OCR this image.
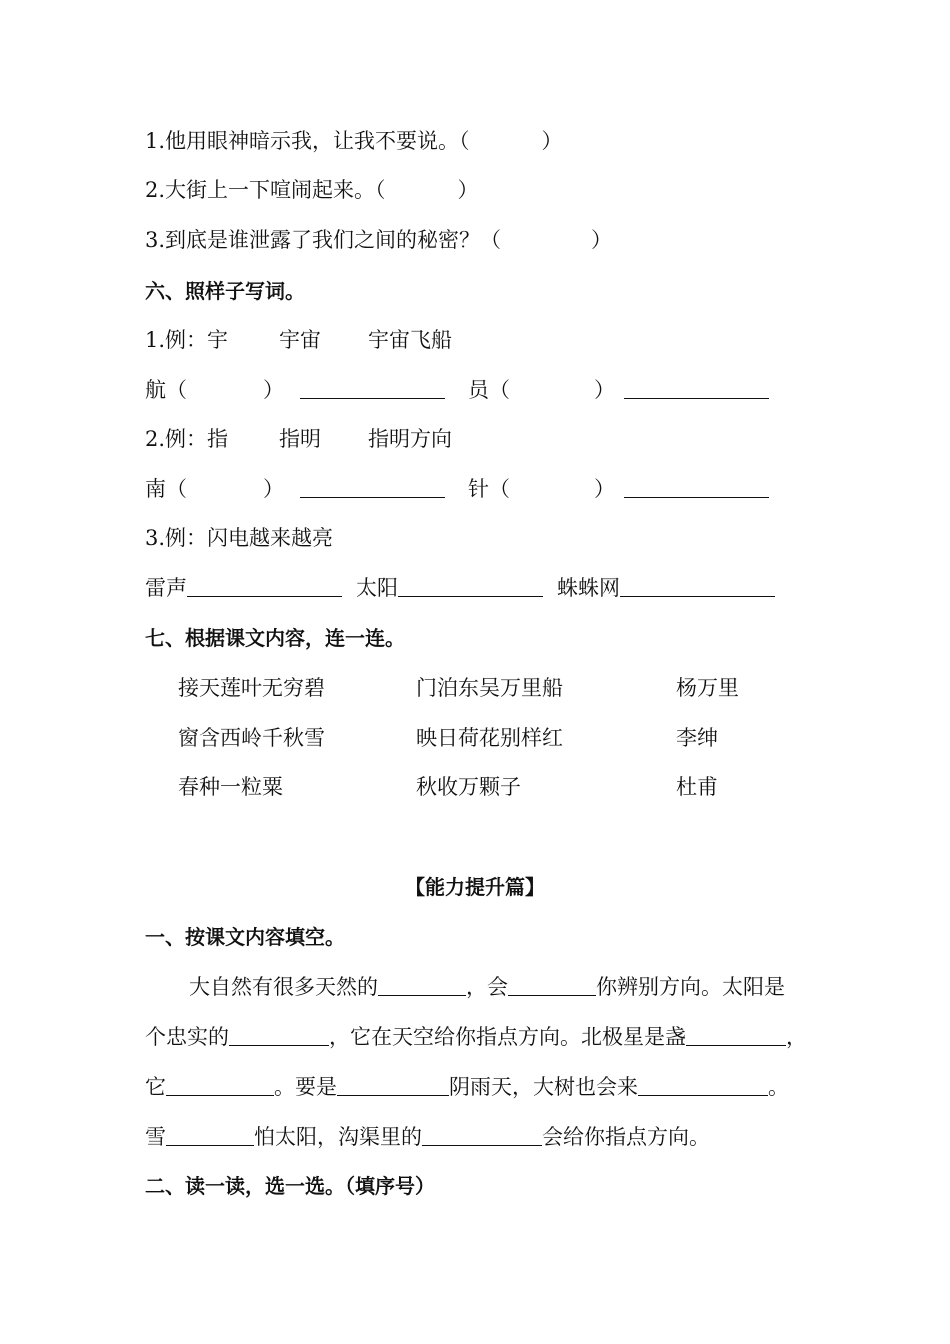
1.他用眼神暗示我，让我不要说。（	）
2.大街上一下喧闹起来。（	）
3.到底是谁泄露了我们之间的秘密？（	）
六、照样子写词。
1.例：宇 宇宙 宇宙飞船
航（	）	员（	）
2.例：指 指明 指明方向
南（	）	针（	）
3.例：闪电越来越亮
雷声	太阳	蛛蛛网
七、根据课文内容，连一连。
接天莲叶无穷碧	门泊东吴万里船	杨万里
窗含西岭千秋雪	映日荷花别样红	李绅
春种一粒粟	秋收万颗子	杜甫
【能力提升篇】
一、按课文内容填空。
大自然有很多天然的	，会	你辨别方向。太阳是
个忠实的	，它在天空给你指点方向。北极星是盏	，
它	。要是	阴雨天，大树也会来	。
雪	怕太阳，沟渠里的	会给你指点方向。
二、读一读，选一选。（填序号）
